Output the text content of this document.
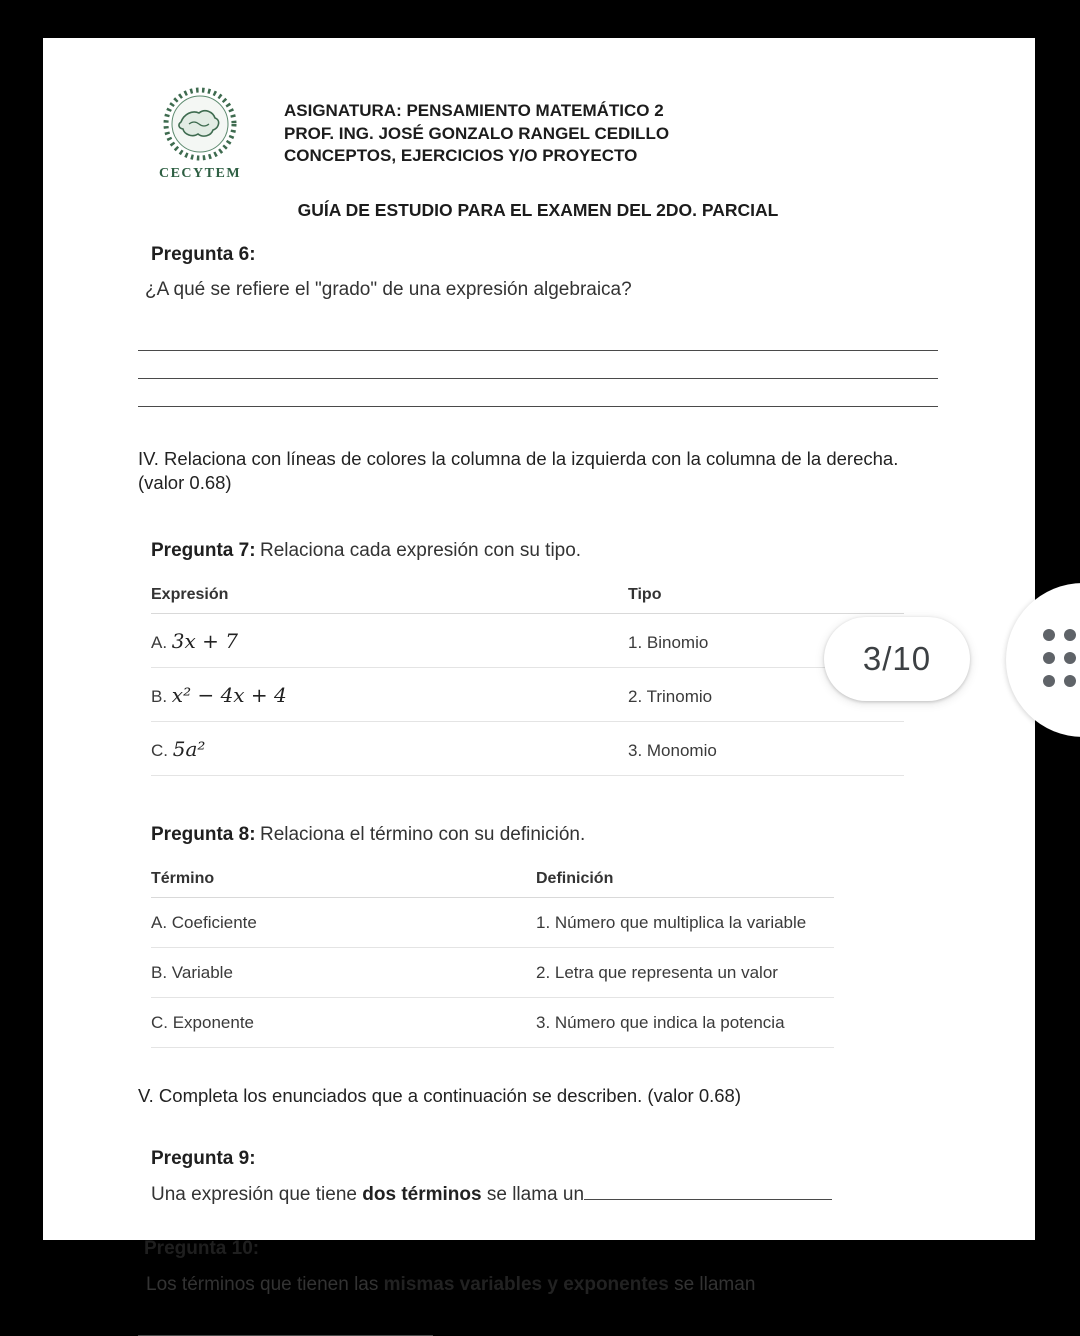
CECYTEM
ASIGNATURA: PENSAMIENTO MATEMÁTICO 2
PROF. ING. JOSÉ GONZALO RANGEL CEDILLO
CONCEPTOS, EJERCICIOS Y/O PROYECTO
GUÍA DE ESTUDIO PARA EL EXAMEN DEL 2DO. PARCIAL
Pregunta 6:
¿A qué se refiere el "grado" de una expresión algebraica?
IV. Relaciona con líneas de colores la columna de la izquierda con la columna de la derecha. (valor 0.68)
Pregunta 7: Relaciona cada expresión con su tipo.
Expresión	Tipo
A. 3x + 7	1. Binomio
B. x² − 4x + 4	2. Trinomio
C. 5a²	3. Monomio
Pregunta 8: Relaciona el término con su definición.
Término	Definición
A. Coeficiente	1. Número que multiplica la variable
B. Variable	2. Letra que representa un valor
C. Exponente	3. Número que indica la potencia
V. Completa los enunciados que a continuación se describen. (valor 0.68)
Pregunta 9:
Una expresión que tiene dos términos se llama un
Pregunta 10:
Los términos que tienen las mismas variables y exponentes se llaman
3/10
